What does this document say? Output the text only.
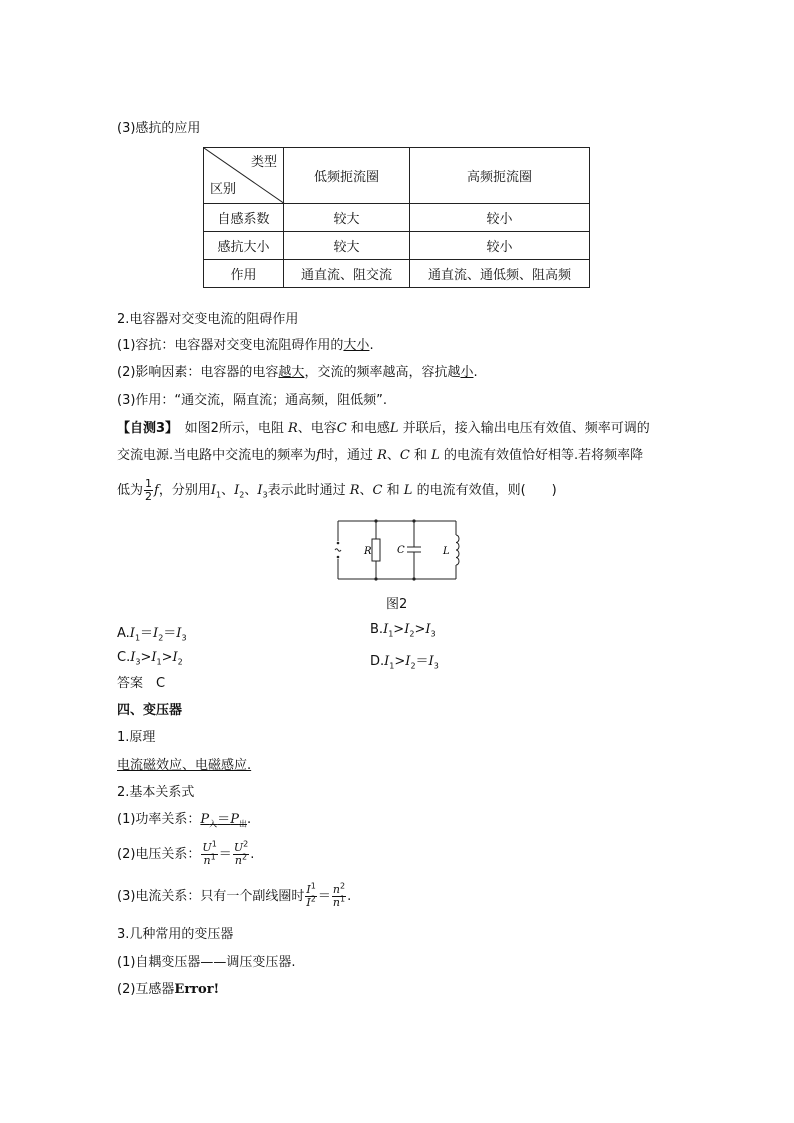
(3)感抗的应用
类型
区别	低频扼流圈	高频扼流圈
自感系数	较大	较小
感抗大小	较大	较小
作用	通直流、阻交流	通直流、通低频、阻高频
2.电容器对交变电流的阻碍作用
(1)容抗：电容器对交变电流阻碍作用的大小.
(2)影响因素：电容器的电容越大，交流的频率越高，容抗越小.
(3)作用：“通交流，隔直流；通高频，阻低频”.
【自测3】　 如图2所示，电阻 R、电容C 和电感L 并联后，接入输出电压有效值、频率可调的
交流电源.当电路中交流电的频率为f时，通过 R、C 和 L 的电流有效值恰好相等.若将频率降
低为 $\frac{1}{2}$ f，分别用$I_1$、$I_2$、$I_3$表示此时通过 R、C 和 L 的电流有效值，则(　　)
R	C	L
图2
$A.I_1=I_2=I_3$
$B.I_1>I_2>I_3$
$C.I_3>I_1>I_2$	$D.I_1>I_2=I_3$
答案　C
四、变压器
1.原理
电流磁效应、电磁感应.
2.基本关系式
(1)功率关系：$P_入=P_出$.
(2)电压关系： $\frac{U^1}{n^1} = \frac{U^2}{n^2}$ .
(3)电流关系：只有一个副线圈时 $\frac{I^1}{I^2} = \frac{n^2}{n^1}$ .
3.几种常用的变压器
(1)自耦变压器——调压变压器.
(2)互感器Error!
